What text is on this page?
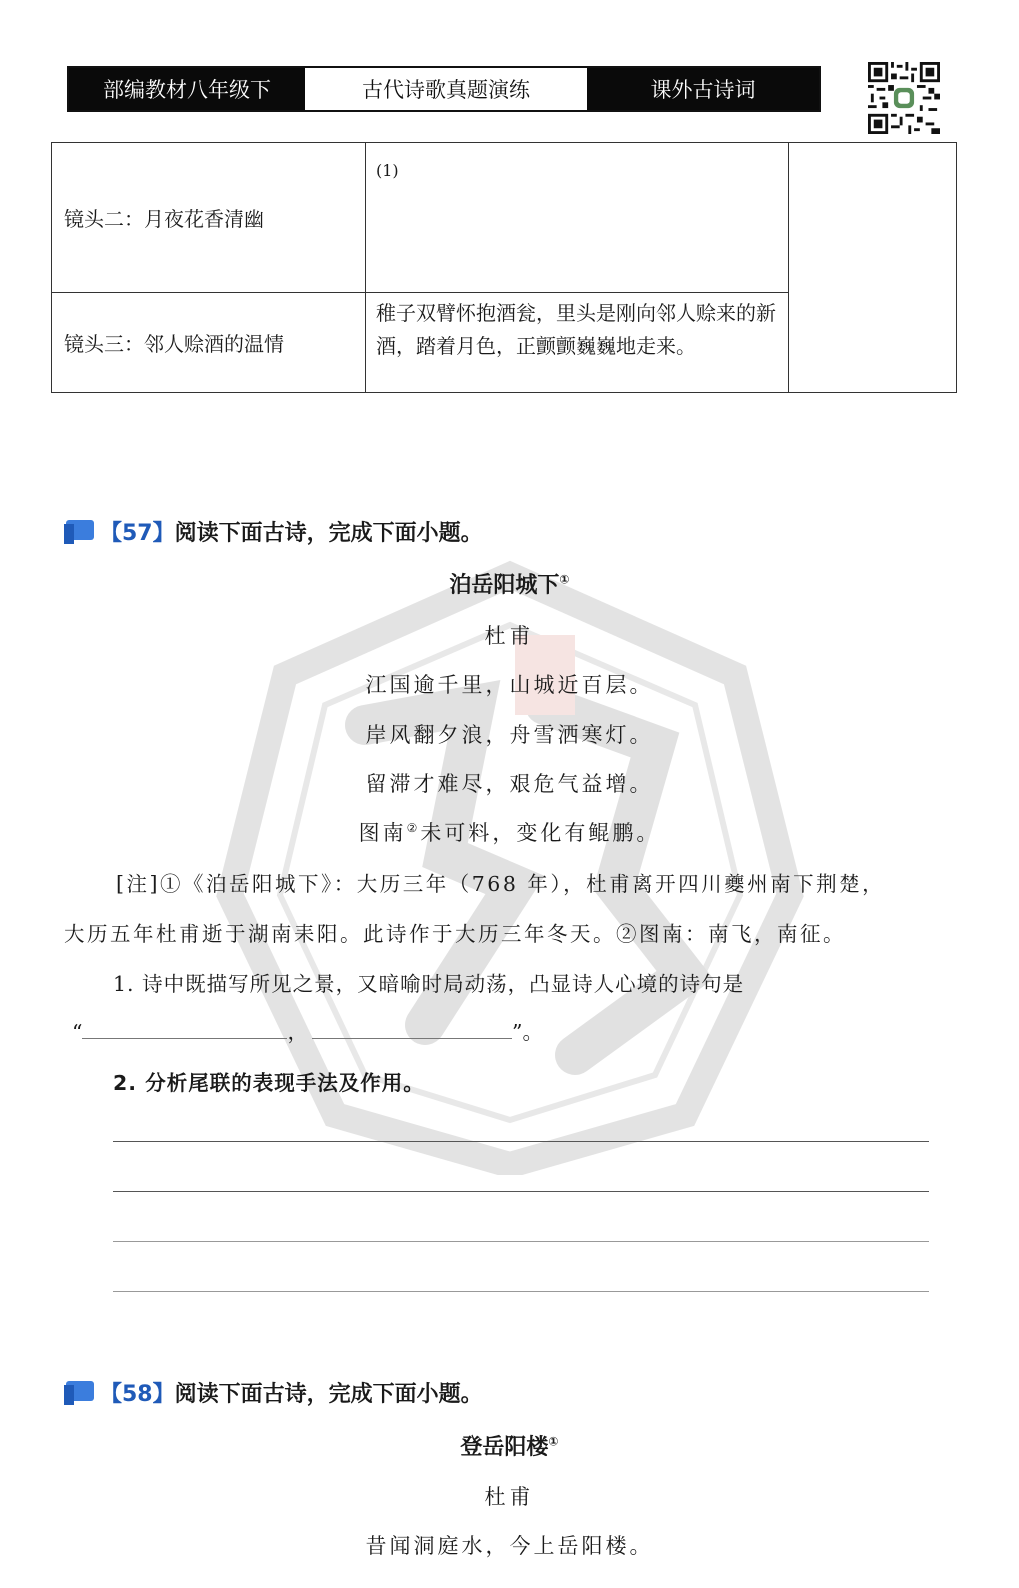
部编教材八年级下	古代诗歌真题演练	课外古诗词
镜头二：月夜花香清幽	(1)	
镜头三：邻人赊酒的温情	稚子双臂怀抱酒瓮，里头是刚向邻人赊来的新酒，踏着月色，正颤颤巍巍地走来。	
【57】 阅读下面古诗，完成下面小题。
泊岳阳城下①
杜甫
江国逾千里，山城近百层。
岸风翻夕浪，舟雪洒寒灯。
留滞才难尽，艰危气益增。
图南②未可料，变化有鲲鹏。
[注]①《泊岳阳城下》：大历三年（768 年），杜甫离开四川夔州南下荆楚，
大历五年杜甫逝于湖南耒阳。此诗作于大历三年冬天。②图南：南飞，南征。
1. 诗中既描写所见之景，又暗喻时局动荡，凸显诗人心境的诗句是
“	，	”。
2. 分析尾联的表现手法及作用。
【58】 阅读下面古诗，完成下面小题。
登岳阳楼①
杜甫
昔闻洞庭水，今上岳阳楼。
